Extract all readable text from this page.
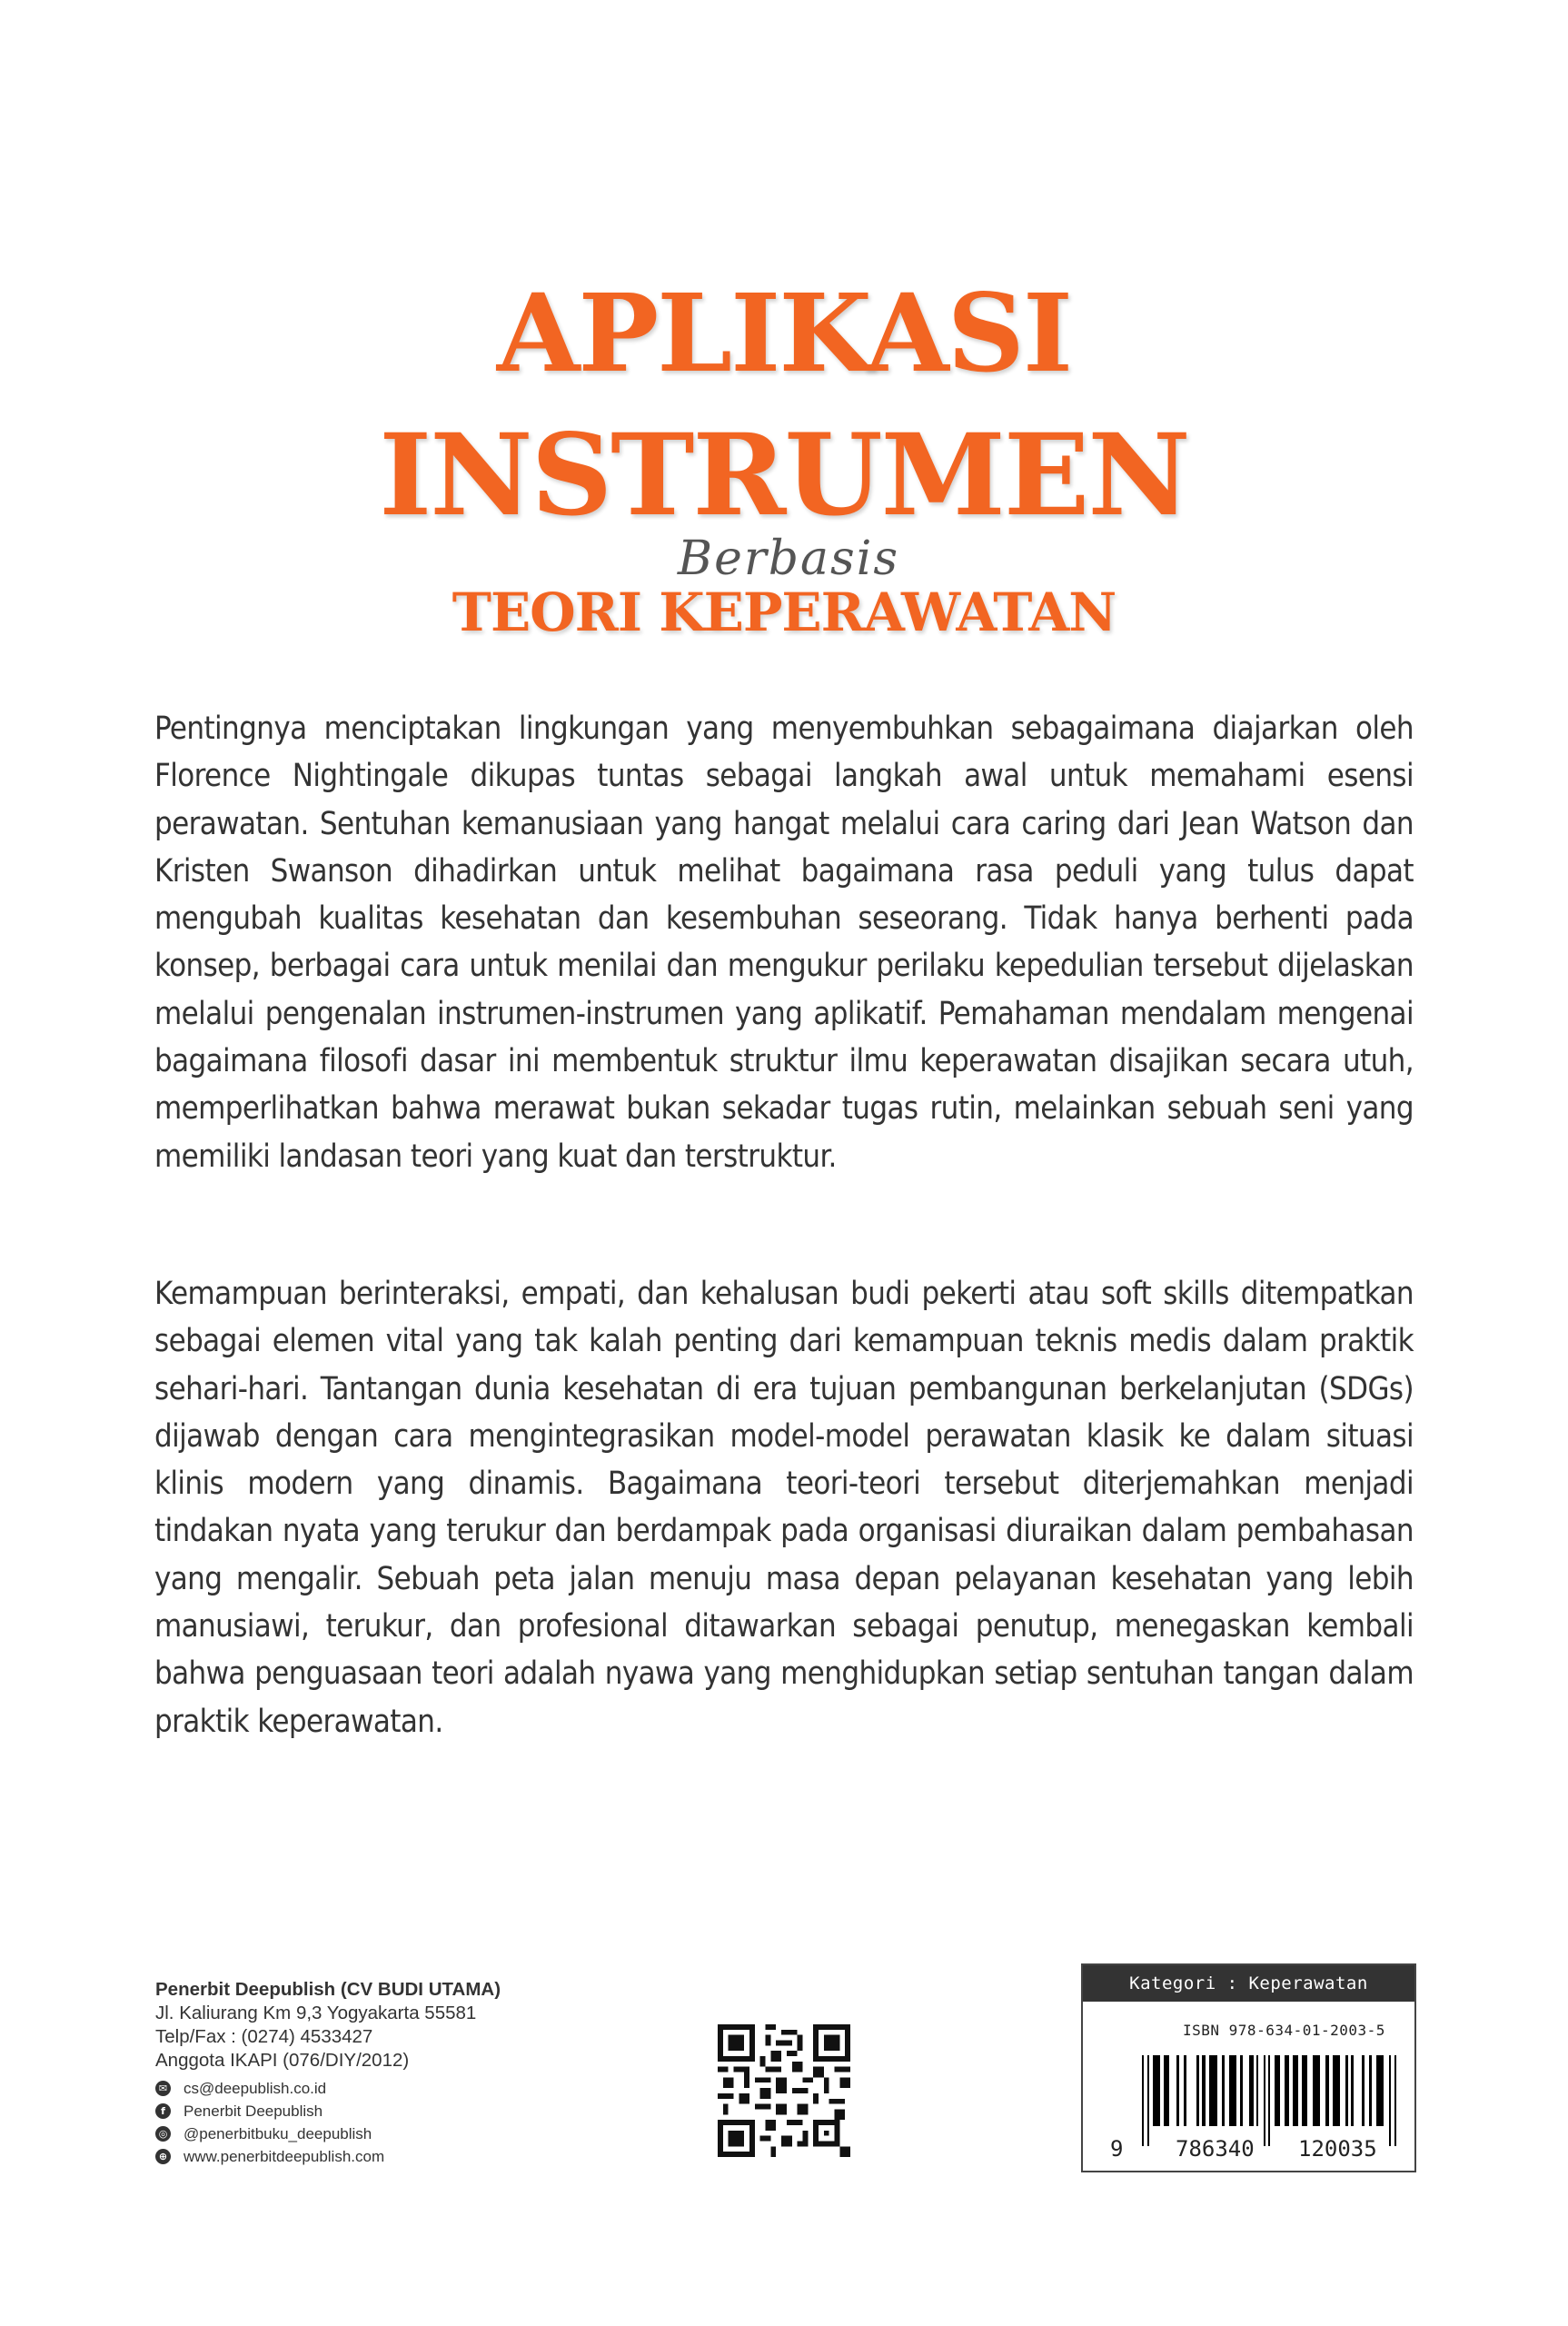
APLIKASI
INSTRUMEN
Berbasis
TEORI KEPERAWATAN
Pentingnya menciptakan lingkungan yang menyembuhkan sebagaimana diajarkan oleh Florence Nightingale dikupas tuntas sebagai langkah awal untuk memahami esensi perawatan. Sentuhan kemanusiaan yang hangat melalui cara caring dari Jean Watson dan Kristen Swanson dihadirkan untuk melihat bagaimana rasa peduli yang tulus dapat mengubah kualitas kesehatan dan kesembuhan seseorang. Tidak hanya berhenti pada konsep, berbagai cara untuk menilai dan mengukur perilaku kepedulian tersebut dijelaskan melalui pengenalan instrumen-instrumen yang aplikatif. Pemahaman mendalam mengenai bagaimana filosofi dasar ini membentuk struktur ilmu keperawatan disajikan secara utuh, memperlihatkan bahwa merawat bukan sekadar tugas rutin, melainkan sebuah seni yang memiliki landasan teori yang kuat dan terstruktur.
Kemampuan berinteraksi, empati, dan kehalusan budi pekerti atau soft skills ditempatkan sebagai elemen vital yang tak kalah penting dari kemampuan teknis medis dalam praktik sehari-hari. Tantangan dunia kesehatan di era tujuan pembangunan berkelanjutan (SDGs) dijawab dengan cara mengintegrasikan model-model perawatan klasik ke dalam situasi klinis modern yang dinamis. Bagaimana teori-teori tersebut diterjemahkan menjadi tindakan nyata yang terukur dan berdampak pada organisasi diuraikan dalam pembahasan yang mengalir. Sebuah peta jalan menuju masa depan pelayanan kesehatan yang lebih manusiawi, terukur, dan profesional ditawarkan sebagai penutup, menegaskan kembali bahwa penguasaan teori adalah nyawa yang menghidupkan setiap sentuhan tangan dalam praktik keperawatan.
Penerbit Deepublish (CV BUDI UTAMA)
Jl. Kaliurang Km 9,3 Yogyakarta 55581
Telp/Fax : (0274) 4533427
Anggota IKAPI (076/DIY/2012)
✉ cs@deepublish.co.id
f	Penerbit Deepublish
◎ @penerbitbuku_deepublish
⊕ www.penerbitdeepublish.com
Kategori : Keperawatan
ISBN 978-634-01-2003-5
9 786340 120035
